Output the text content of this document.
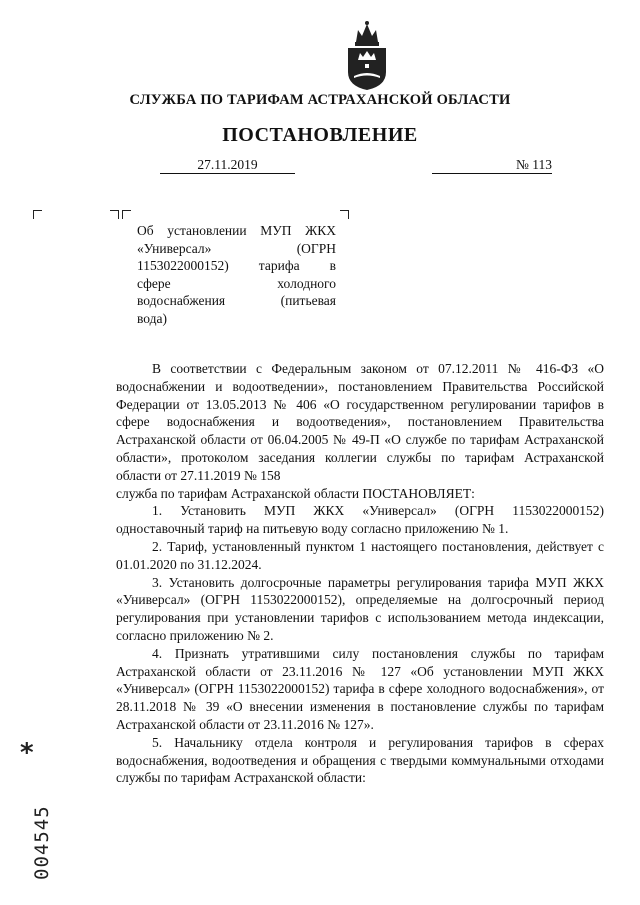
СЛУЖБА ПО ТАРИФАМ АСТРАХАНСКОЙ ОБЛАСТИ
ПОСТАНОВЛЕНИЕ
27.11.2019	№ 113
Об установлении МУП ЖКХ
«Универсал»	(ОГРН
1153022000152) тарифа в
сфере	холодного
водоснабжения	(питьевая
вода)

В соответствии с Федеральным законом от 07.12.2011 № 416-ФЗ «О водоснабжении и водоотведении», постановлением Правительства Российской Федерации от 13.05.2013 № 406 «О государственном регулировании тарифов в сфере водоснабжения и водоотведения», постановлением Правительства Астраханской области от 06.04.2005 № 49-П «О службе по тарифам Астраханской области», протоколом заседания коллегии службы по тарифам Астраханской области от 27.11.2019 № 158

служба по тарифам Астраханской области ПОСТАНОВЛЯЕТ:

1. Установить МУП ЖКХ «Универсал» (ОГРН 1153022000152) одноставочный тариф на питьевую воду согласно приложению № 1.

2. Тариф, установленный пунктом 1 настоящего постановления, действует с 01.01.2020 по 31.12.2024.

3. Установить долгосрочные параметры регулирования тарифа МУП ЖКХ «Универсал» (ОГРН 1153022000152), определяемые на долгосрочный период регулирования при установлении тарифов с использованием метода индексации, согласно приложению № 2.

4. Признать утратившими силу постановления службы по тарифам Астраханской области от 23.11.2016 № 127 «Об установлении МУП ЖКХ «Универсал» (ОГРН 1153022000152) тарифа в сфере холодного водоснабжения», от 28.11.2018 № 39 «О внесении изменения в постановление службы по тарифам Астраханской области от 23.11.2016 № 127».

5. Начальнику отдела контроля и регулирования тарифов в сферах водоснабжения, водоотведения и обращения с твердыми коммунальными отходами службы по тарифам Астраханской области:

*
004545
